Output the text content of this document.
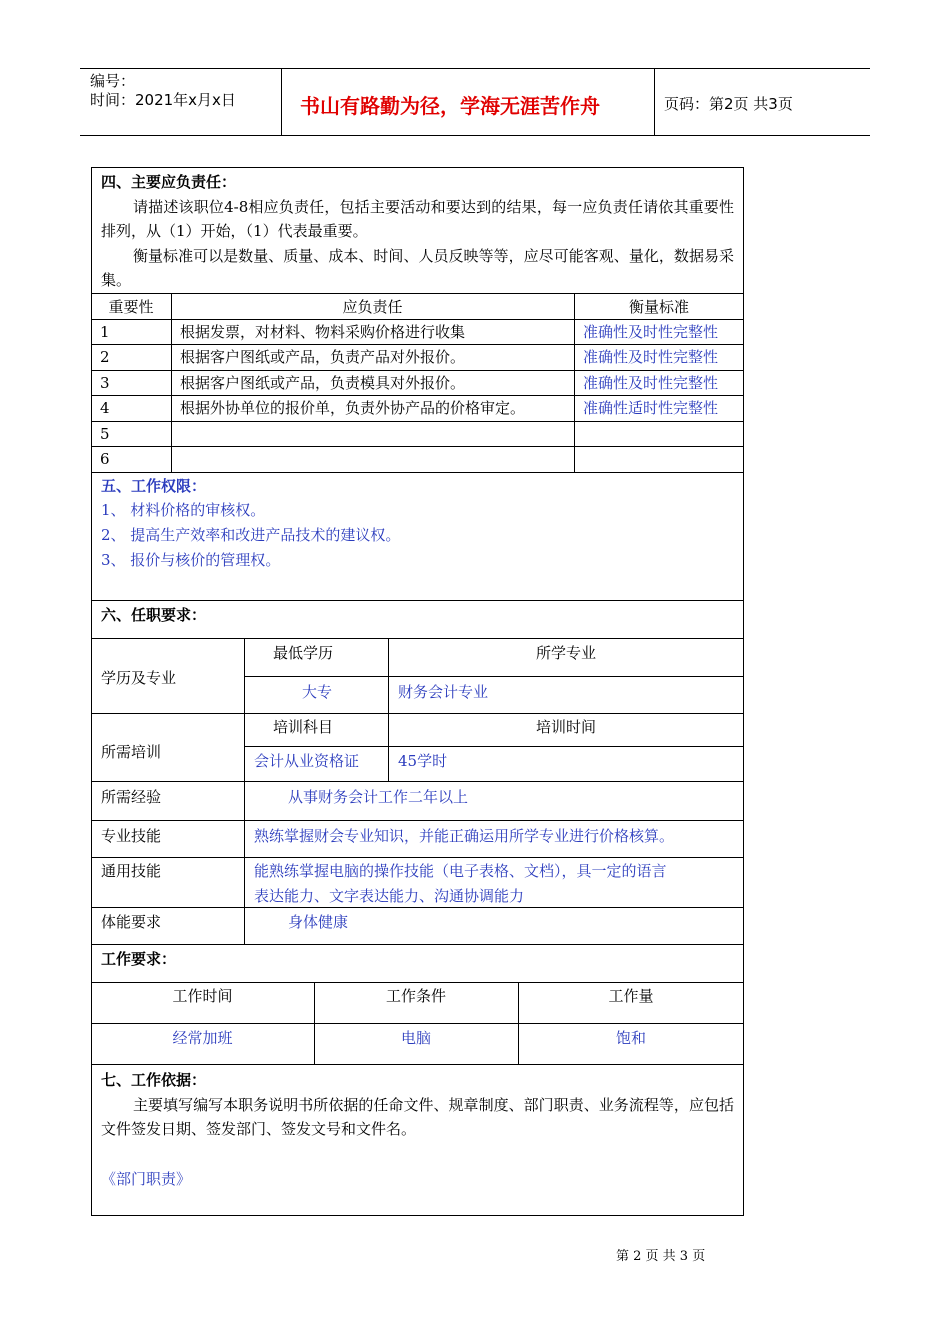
编号：
时间：2021年x月x日	书山有路勤为径，学海无涯苦作舟	页码：第2页 共3页
四、主要应负责任：
请描述该职位4-8相应负责任，包括主要活动和要达到的结果，每一应负责任请依其重要性排列，从（1）开始，（1）代表最重要。
衡量标准可以是数量、质量、成本、时间、人员反映等等，应尽可能客观、量化，数据易采集。
重要性	应负责任	衡量标准
1	根据发票，对材料、物料采购价格进行收集	准确性及时性完整性
2	根据客户图纸或产品，负责产品对外报价。	准确性及时性完整性
3	根据客户图纸或产品，负责模具对外报价。	准确性及时性完整性
4	根据外协单位的报价单，负责外协产品的价格审定。	准确性适时性完整性
5
6
五、工作权限：
1、 材料价格的审核权。
2、 提高生产效率和改进产品技术的建议权。
3、 报价与核价的管理权。
六、任职要求：
学历及专业
最低学历	所学专业
大专	财务会计专业
所需培训
培训科目	培训时间
会计从业资格证	45学时
所需经验	从事财务会计工作二年以上
专业技能	熟练掌握财会专业知识，并能正确运用所学专业进行价格核算。
通用技能	能熟练掌握电脑的操作技能（电子表格、文档），具一定的语言
表达能力、文字表达能力、沟通协调能力
体能要求	身体健康
工作要求：
工作时间	工作条件	工作量
经常加班	电脑	饱和
七、工作依据：
主要填写编写本职务说明书所依据的任命文件、规章制度、部门职责、业务流程等，应包括文件签发日期、签发部门、签发文号和文件名。
《部门职责》
第 2 页 共 3 页
